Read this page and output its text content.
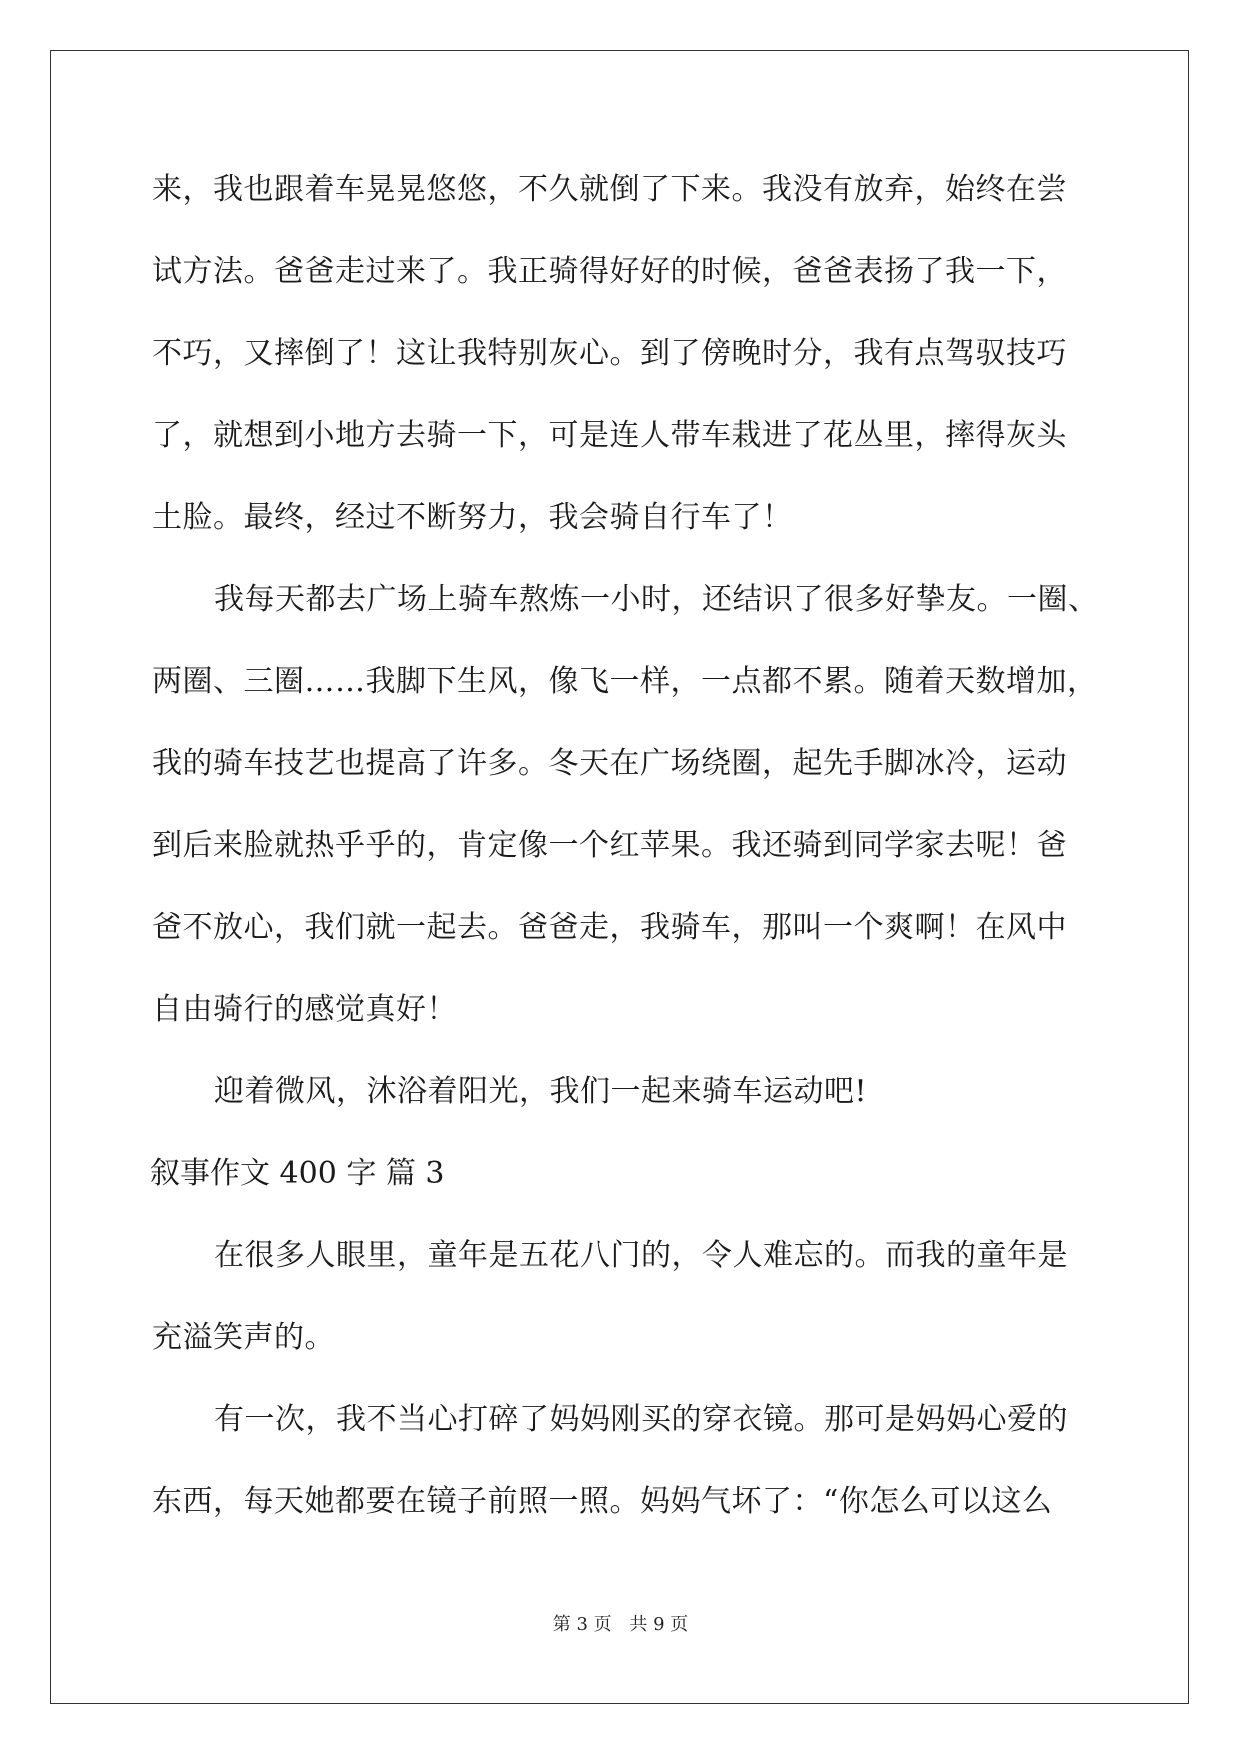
来，我也跟着车晃晃悠悠，不久就倒了下来。我没有放弃，始终在尝
试方法。爸爸走过来了。我正骑得好好的时候，爸爸表扬了我一下，
不巧，又摔倒了！这让我特别灰心。到了傍晚时分，我有点驾驭技巧
了，就想到小地方去骑一下，可是连人带车栽进了花丛里，摔得灰头
土脸。最终，经过不断努力，我会骑自行车了！
我每天都去广场上骑车熬炼一小时，还结识了很多好挚友。一圈、
两圈、三圈……我脚下生风，像飞一样，一点都不累。随着天数增加，
我的骑车技艺也提高了许多。冬天在广场绕圈，起先手脚冰冷，运动
到后来脸就热乎乎的，肯定像一个红苹果。我还骑到同学家去呢！爸
爸不放心，我们就一起去。爸爸走，我骑车，那叫一个爽啊！在风中
自由骑行的感觉真好！
迎着微风，沐浴着阳光，我们一起来骑车运动吧!
叙事作文 400 字 篇 3
在很多人眼里，童年是五花八门的，令人难忘的。而我的童年是
充溢笑声的。
有一次，我不当心打碎了妈妈刚买的穿衣镜。那可是妈妈心爱的
东西，每天她都要在镜子前照一照。妈妈气坏了：“你怎么可以这么
第 3 页 共 9 页
